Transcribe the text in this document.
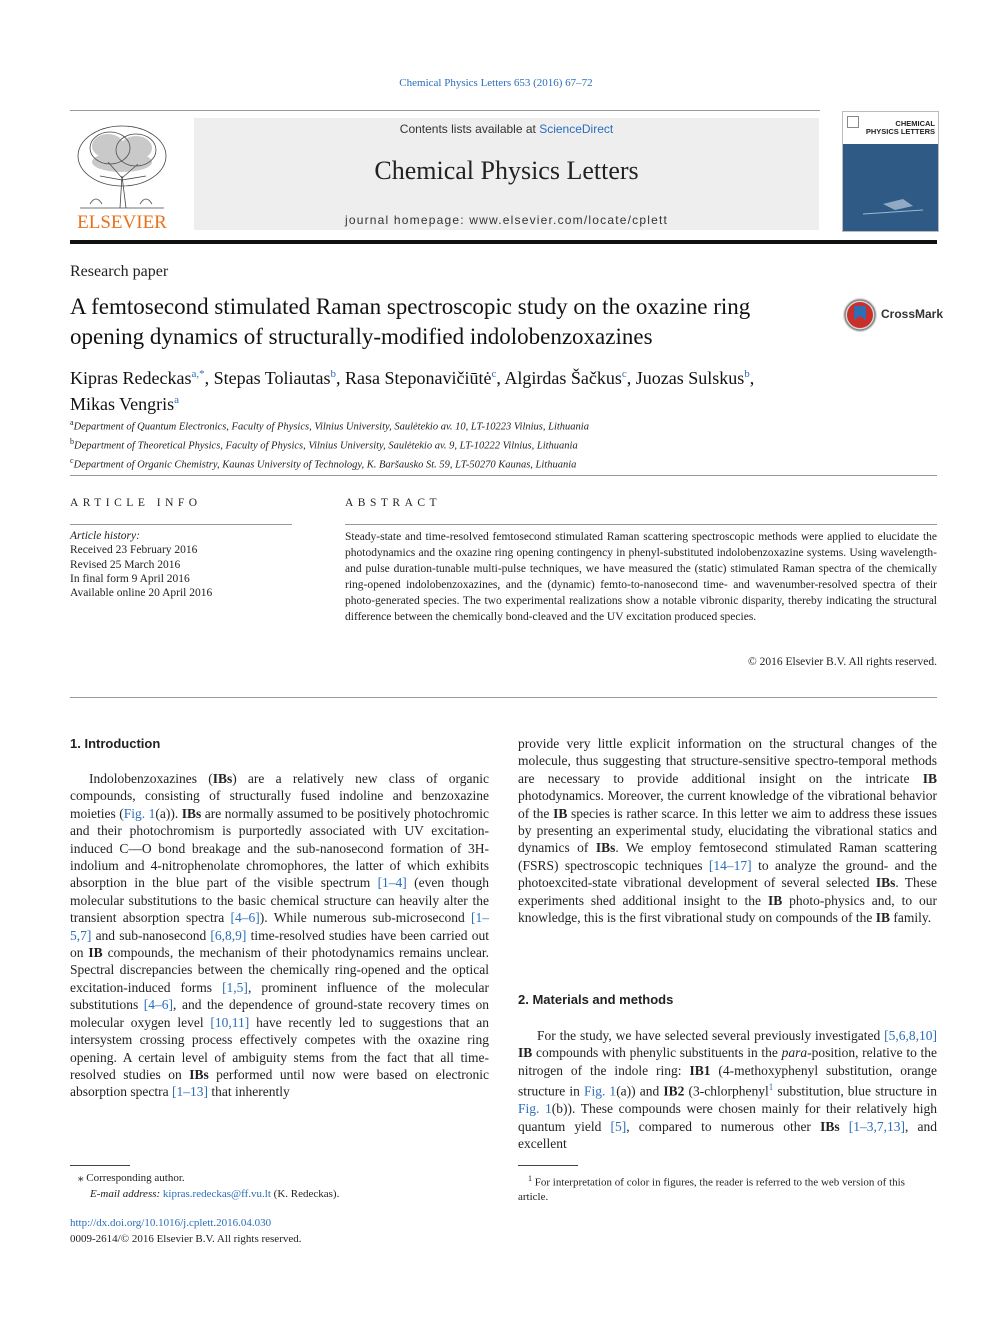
Chemical Physics Letters 653 (2016) 67–72
ELSEVIER
Contents lists available at ScienceDirect
Chemical Physics Letters
journal homepage: www.elsevier.com/locate/cplett
CHEMICAL PHYSICS LETTERS
Research paper
A femtosecond stimulated Raman spectroscopic study on the oxazine ring opening dynamics of structurally-modified indolobenzoxazines
CrossMark
Kipras Redeckas$^{a,*}$, Stepas Toliautas$^b$, Rasa Steponavičiūtė$^c$, Algirdas Šačkus$^c$, Juozas Sulskus$^b$,
Mikas Vengris$^a$
$^a$Department of Quantum Electronics, Faculty of Physics, Vilnius University, Saulėtekio av. 10, LT-10223 Vilnius, Lithuania
$^b$Department of Theoretical Physics, Faculty of Physics, Vilnius University, Saulėtekio av. 9, LT-10222 Vilnius, Lithuania
$^c$Department of Organic Chemistry, Kaunas University of Technology, K. Baršausko St. 59, LT-50270 Kaunas, Lithuania
ARTICLE INFO
Article history:
Received 23 February 2016
Revised 25 March 2016
In final form 9 April 2016
Available online 20 April 2016
ABSTRACT
Steady-state and time-resolved femtosecond stimulated Raman scattering spectroscopic methods were applied to elucidate the photodynamics and the oxazine ring opening contingency in phenyl-substituted indolobenzoxazine systems. Using wavelength- and pulse duration-tunable multi-pulse techniques, we have measured the (static) stimulated Raman spectra of the chemically ring-opened indolobenzoxazines, and the (dynamic) femto-to-nanosecond time- and wavenumber-resolved spectra of their photo-generated species. The two experimental realizations show a notable vibronic disparity, thereby indicating the structural difference between the chemically bond-cleaved and the UV excitation produced species.
© 2016 Elsevier B.V. All rights reserved.
1. Introduction

Indolobenzoxazines (IBs) are a relatively new class of organic compounds, consisting of structurally fused indoline and benzoxazine moieties (Fig. 1(a)). IBs are normally assumed to be positively photochromic and their photochromism is purportedly associated with UV excitation-induced C—O bond breakage and the sub-nanosecond formation of 3H-indolium and 4-nitrophenolate chromophores, the latter of which exhibits absorption in the blue part of the visible spectrum [1–4] (even though molecular substitutions to the basic chemical structure can heavily alter the transient absorption spectra [4–6]). While numerous sub-microsecond [1–5,7] and sub-nanosecond [6,8,9] time-resolved studies have been carried out on IB compounds, the mechanism of their photodynamics remains unclear. Spectral discrepancies between the chemically ring-opened and the optical excitation-induced forms [1,5], prominent influence of the molecular substitutions [4–6], and the dependence of ground-state recovery times on molecular oxygen level [10,11] have recently led to suggestions that an intersystem crossing process effectively competes with the oxazine ring opening. A certain level of ambiguity stems from the fact that all time-resolved studies on IBs performed until now were based on electronic absorption spectra [1–13] that inherently

provide very little explicit information on the structural changes of the molecule, thus suggesting that structure-sensitive spectro-temporal methods are necessary to provide additional insight on the intricate IB photodynamics. Moreover, the current knowledge of the vibrational behavior of the IB species is rather scarce. In this letter we aim to address these issues by presenting an experimental study, elucidating the vibrational statics and dynamics of IBs. We employ femtosecond stimulated Raman scattering (FSRS) spectroscopic techniques [14–17] to analyze the ground- and the photoexcited-state vibrational development of several selected IBs. These experiments shed additional insight to the IB photo-physics and, to our knowledge, this is the first vibrational study on compounds of the IB family.

2. Materials and methods

For the study, we have selected several previously investigated [5,6,8,10] IB compounds with phenylic substituents in the para-position, relative to the nitrogen of the indole ring: IB1 (4-methoxyphenyl substitution, orange structure in Fig. 1(a)) and IB2 (3-chlorphenyl$^1$ substitution, blue structure in Fig. 1(b)). These compounds were chosen mainly for their relatively high quantum yield [5], compared to numerous other IBs [1–3,7,13], and excellent

⁎ Corresponding author.
E-mail address: kipras.redeckas@ff.vu.lt (K. Redeckas).
$^1$ For interpretation of color in figures, the reader is referred to the web version of this article.
http://dx.doi.org/10.1016/j.cplett.2016.04.030
0009-2614/© 2016 Elsevier B.V. All rights reserved.
